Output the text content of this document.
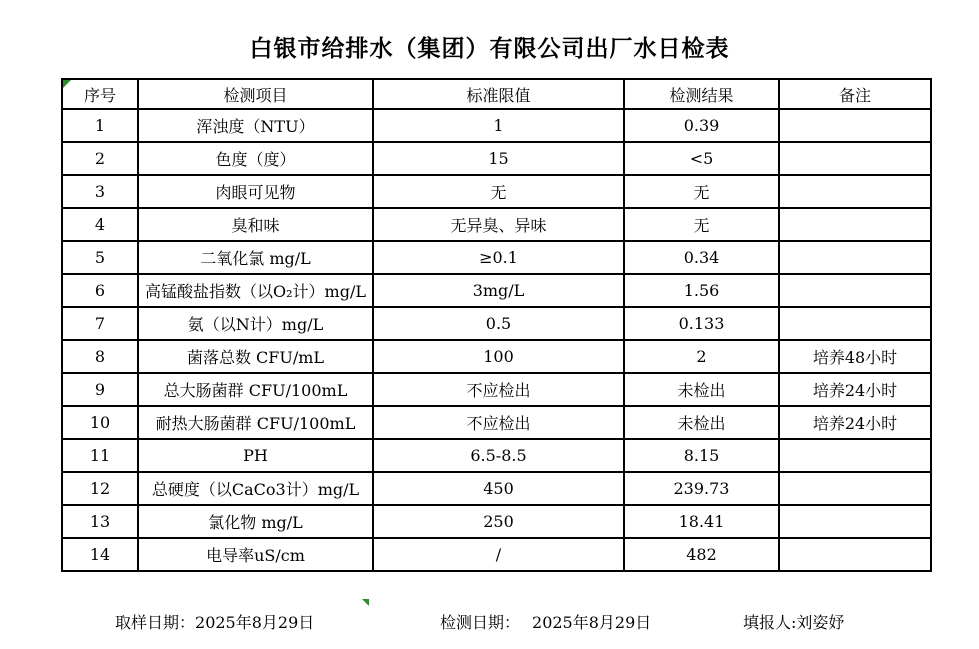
白银市给排水（集团）有限公司出厂水日检表
序号	检测项目	标准限值	检测结果	备注
1	浑浊度（NTU）	1	0.39	
2	色度（度）	15	<5	
3	肉眼可见物	无	无	
4	臭和味	无异臭、异味	无	
5	二氧化氯 mg/L	≥0.1	0.34	
6	高锰酸盐指数（以O₂计）mg/L	3mg/L	1.56	
7	氨（以N计）mg/L	0.5	0.133	
8	菌落总数 CFU/mL	100	2	培养48小时
9	总大肠菌群 CFU/100mL	不应检出	未检出	培养24小时
10	耐热大肠菌群 CFU/100mL	不应检出	未检出	培养24小时
11	PH	6.5-8.5	8.15	
12	总硬度（以CaCo3计）mg/L	450	239.73	
13	氯化物 mg/L	250	18.41	
14	电导率uS/cm	/	482	
取样日期：2025年8月29日	检测日期： 2025年8月29日	填报人:刘姿妤
